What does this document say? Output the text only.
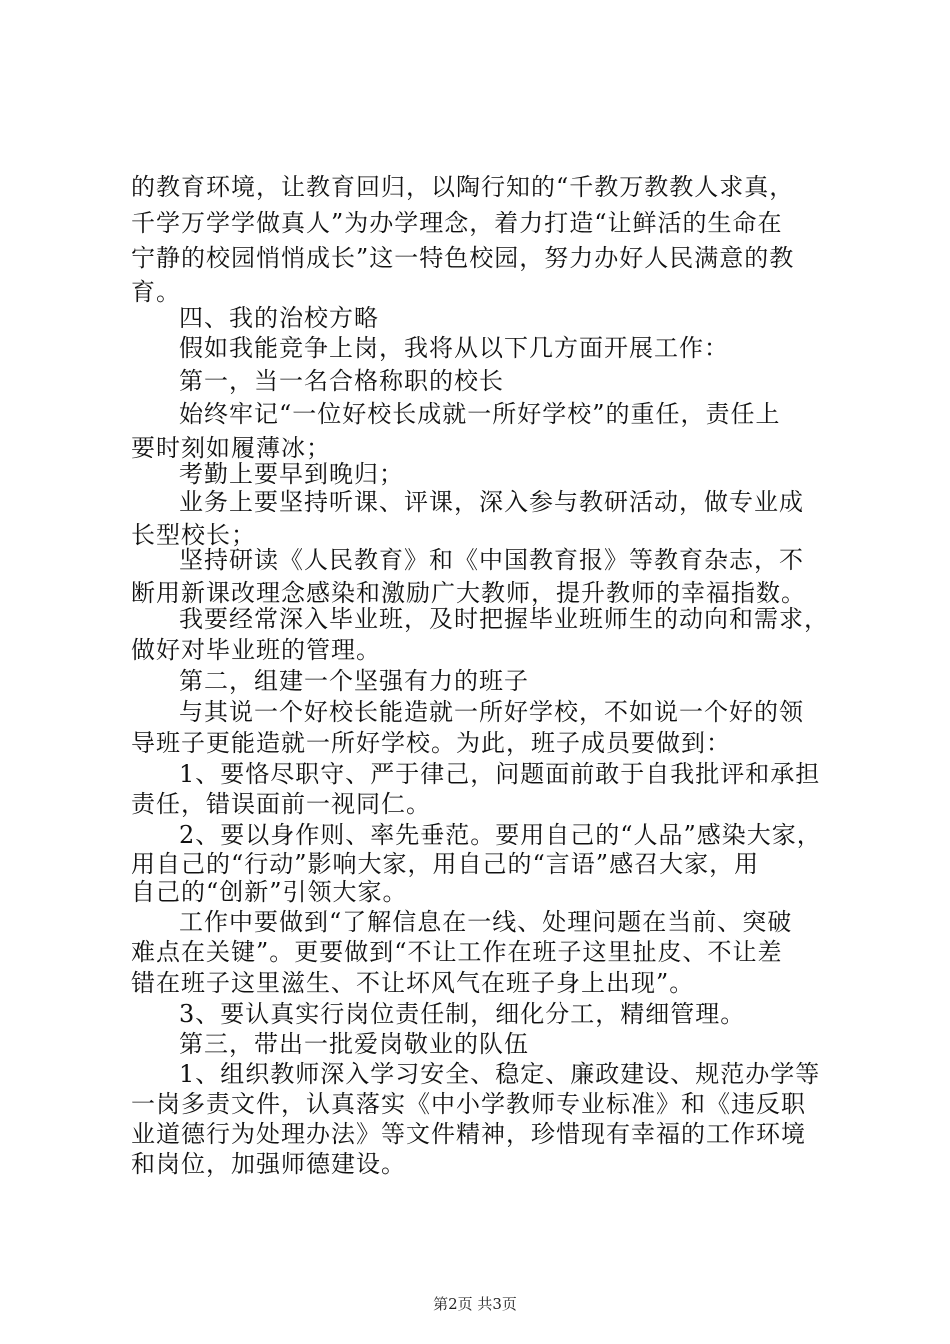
的教育环境，让教育回归，以陶行知的“千教万教教人求真，
千学万学学做真人”为办学理念，着力打造“让鲜活的生命在
宁静的校园悄悄成长”这一特色校园，努力办好人民满意的教
育。
四、我的治校方略
假如我能竞争上岗，我将从以下几方面开展工作：
第一，当一名合格称职的校长
始终牢记“一位好校长成就一所好学校”的重任，责任上
要时刻如履薄冰；
考勤上要早到晚归；
业务上要坚持听课、评课，深入参与教研活动，做专业成
长型校长；
坚持研读《人民教育》和《中国教育报》等教育杂志，不
断用新课改理念感染和激励广大教师，提升教师的幸福指数。
我要经常深入毕业班，及时把握毕业班师生的动向和需求，
做好对毕业班的管理。
第二，组建一个坚强有力的班子
与其说一个好校长能造就一所好学校，不如说一个好的领
导班子更能造就一所好学校。为此，班子成员要做到：
1、要恪尽职守、严于律己，问题面前敢于自我批评和承担
责任，错误面前一视同仁。
2、要以身作则、率先垂范。要用自己的“人品”感染大家，
用自己的“行动”影响大家，用自己的“言语”感召大家，用
自己的“创新”引领大家。
工作中要做到“了解信息在一线、处理问题在当前、突破
难点在关键”。更要做到“不让工作在班子这里扯皮、不让差
错在班子这里滋生、不让坏风气在班子身上出现”。
3、要认真实行岗位责任制，细化分工，精细管理。
第三，带出一批爱岗敬业的队伍
1、组织教师深入学习安全、稳定、廉政建设、规范办学等
一岗多责文件，认真落实《中小学教师专业标准》和《违反职
业道德行为处理办法》等文件精神，珍惜现有幸福的工作环境
和岗位，加强师德建设。
第2页 共3页
